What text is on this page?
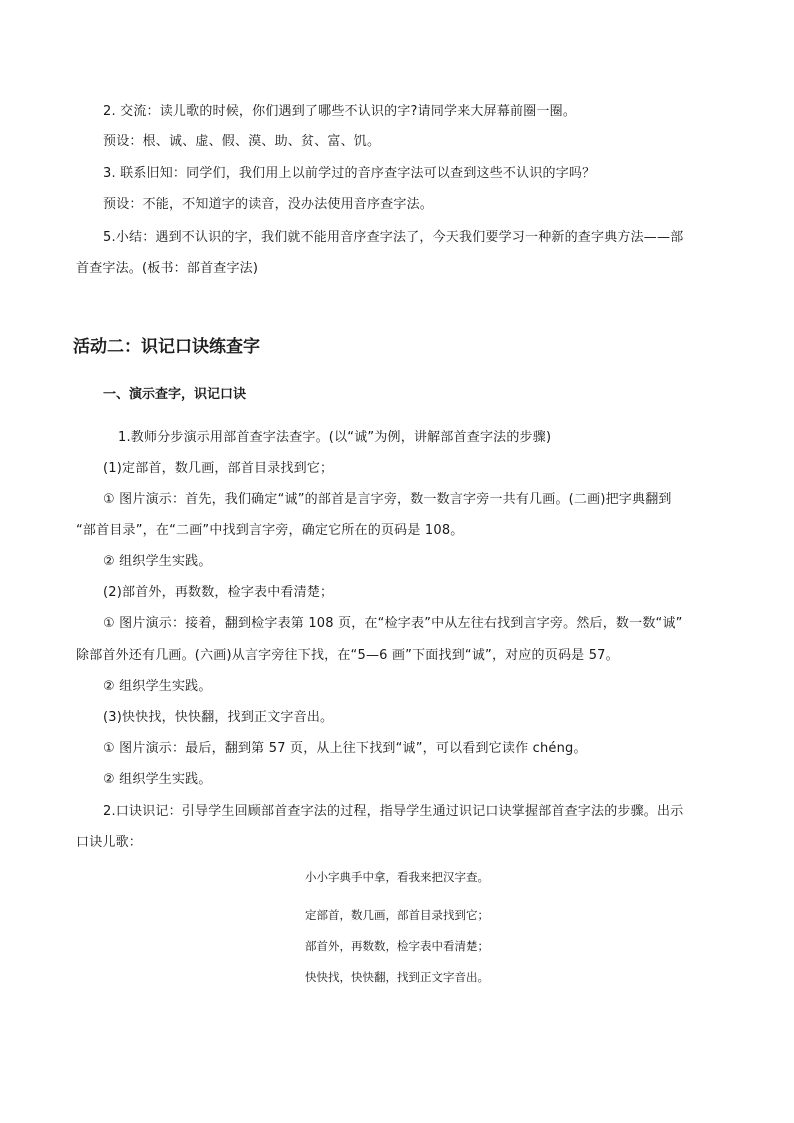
2. 交流：读儿歌的时候，你们遇到了哪些不认识的字?请同学来大屏幕前圈一圈。
预设：根、诚、虚、假、漠、助、贫、富、饥。
3. 联系旧知：同学们，我们用上以前学过的音序查字法可以查到这些不认识的字吗？
预设：不能，不知道字的读音，没办法使用音序查字法。
5.小结：遇到不认识的字，我们就不能用音序查字法了，今天我们要学习一种新的查字典方法——部
首查字法。(板书：部首查字法)
活动二：识记口诀练查字
一、演示查字，识记口诀
1.教师分步演示用部首查字法查字。(以“诚”为例，讲解部首查字法的步骤)
(1)定部首，数几画，部首目录找到它；
① 图片演示：首先，我们确定“诚”的部首是言字旁，数一数言字旁一共有几画。(二画)把字典翻到
“部首目录”，在“二画”中找到言字旁，确定它所在的页码是 108。
② 组织学生实践。
(2)部首外，再数数，检字表中看清楚；
① 图片演示：接着，翻到检字表第 108 页，在“检字表”中从左往右找到言字旁。然后，数一数“诚”
除部首外还有几画。(六画)从言字旁往下找，在“5—6 画”下面找到“诚”，对应的页码是 57。
② 组织学生实践。
(3)快快找，快快翻，找到正文字音出。
① 图片演示：最后，翻到第 57 页，从上往下找到“诚”，可以看到它读作 chéng。
② 组织学生实践。
2.口诀识记：引导学生回顾部首查字法的过程，指导学生通过识记口诀掌握部首查字法的步骤。出示
口诀儿歌：
小小字典手中拿，看我来把汉字查。
定部首，数几画，部首目录找到它；
部首外，再数数，检字表中看清楚；
快快找，快快翻，找到正文字音出。
